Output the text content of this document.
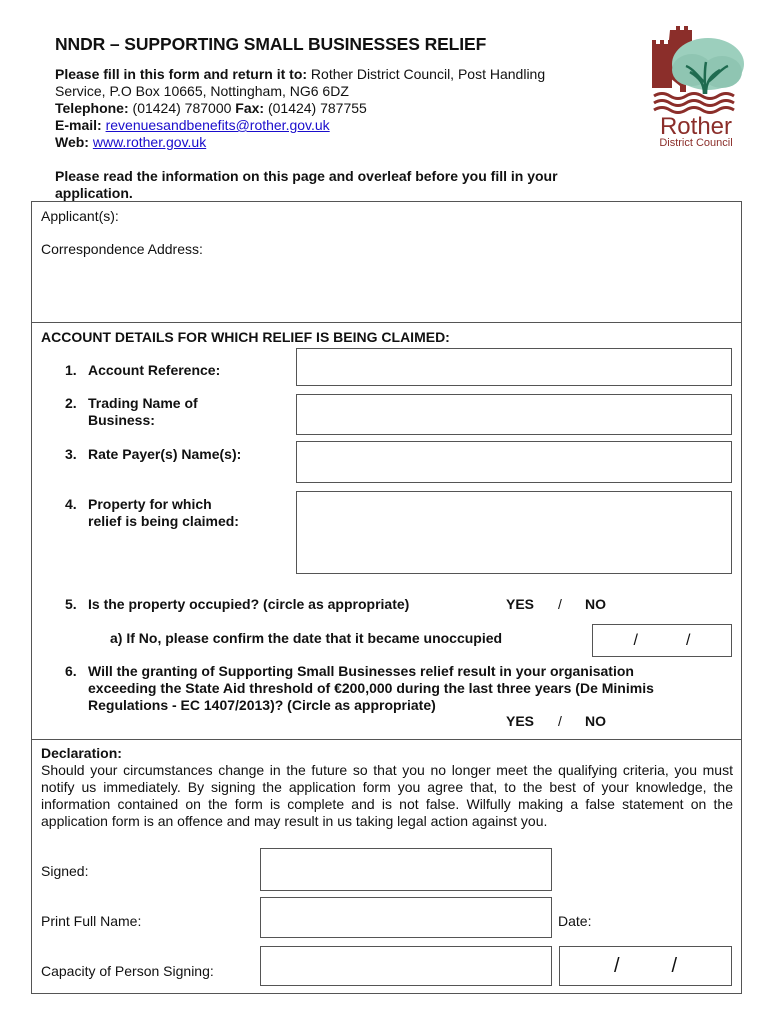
NNDR – SUPPORTING SMALL BUSINESSES RELIEF
Please fill in this form and return it to: Rother District Council, Post Handling
Service, P.O Box 10665, Nottingham, NG6 6DZ
Telephone: (01424) 787000 Fax: (01424) 787755
E-mail: revenuesandbenefits@rother.gov.uk
Web: www.rother.gov.uk
Rother
District Council
Please read the information on this page and overleaf before you fill in your
application.
Applicant(s):
Correspondence Address:
ACCOUNT DETAILS FOR WHICH RELIEF IS BEING CLAIMED:
1. Account Reference:
2. Trading Name of
Business:
3. Rate Payer(s) Name(s):
4. Property for which
relief is being claimed:
5. Is the property occupied? (circle as appropriate)	YES / NO
a) If No, please confirm the date that it became unoccupied	/	/
6. Will the granting of Supporting Small Businesses relief result in your organisation
exceeding the State Aid threshold of €200,000 during the last three years (De Minimis
Regulations - EC 1407/2013)? (Circle as appropriate)
YES / NO
Declaration:
Should your circumstances change in the future so that you no longer meet the qualifying criteria, you must notify us immediately. By signing the application form you agree that, to the best of your knowledge, the information contained on the form is complete and is not false. Wilfully making a false statement on the application form is an offence and may result in us taking legal action against you.
Signed:
Print Full Name:	Date:
Capacity of Person Signing:	/	/
